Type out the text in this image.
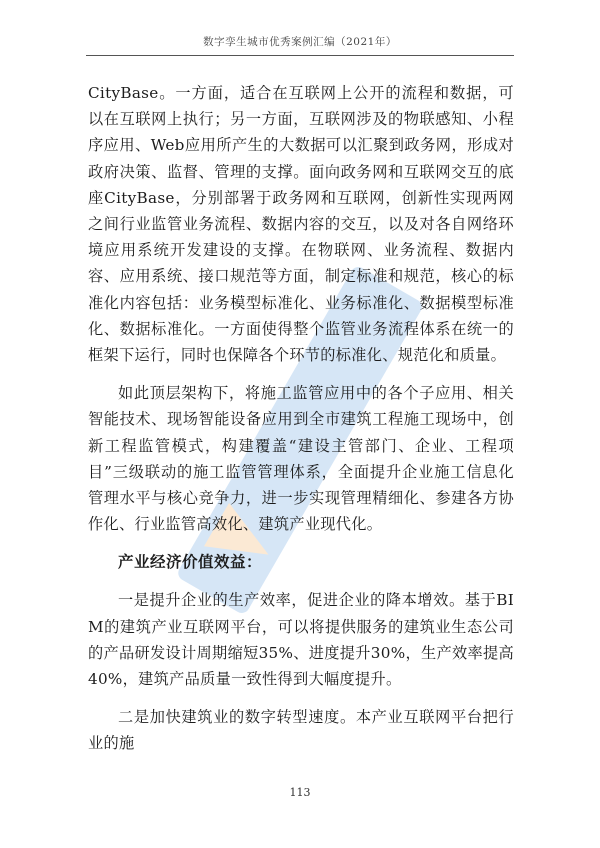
数字孪生城市优秀案例汇编（2021年）

CityBase。一方面，适合在互联网上公开的流程和数据，可以在互联网上执行；另一方面，互联网涉及的物联感知、小程序应用、Web应用所产生的大数据可以汇聚到政务网，形成对政府决策、监督、管理的支撑。面向政务网和互联网交互的底座CityBase，分别部署于政务网和互联网，创新性实现两网之间行业监管业务流程、数据内容的交互，以及对各自网络环境应用系统开发建设的支撑。在物联网、业务流程、数据内容、应用系统、接口规范等方面，制定标准和规范，核心的标准化内容包括：业务模型标准化、业务标准化、数据模型标准化、数据标准化。一方面使得整个监管业务流程体系在统一的框架下运行，同时也保障各个环节的标准化、规范化和质量。

如此顶层架构下，将施工监管应用中的各个子应用、相关智能技术、现场智能设备应用到全市建筑工程施工现场中，创新工程监管模式，构建覆盖“建设主管部门、企业、工程项目”三级联动的施工监管管理体系，全面提升企业施工信息化管理水平与核心竞争力，进一步实现管理精细化、参建各方协作化、行业监管高效化、建筑产业现代化。

产业经济价值效益：

一是提升企业的生产效率，促进企业的降本增效。基于BIM的建筑产业互联网平台，可以将提供服务的建筑业生态公司的产品研发设计周期缩短35%、进度提升30%，生产效率提高40%，建筑产品质量一致性得到大幅度提升。

二是加快建筑业的数字转型速度。本产业互联网平台把行业的施

113
